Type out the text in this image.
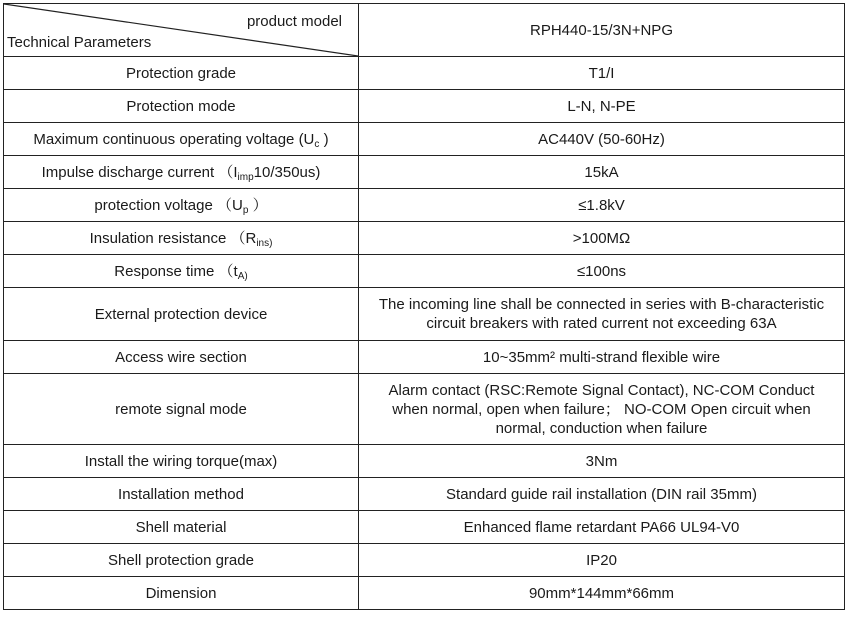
product model
Technical Parameters	RPH440-15/3N+NPG
Protection grade	T1/I
Protection mode	L-N, N-PE
Maximum continuous operating voltage ($U_c$ )	AC440V (50-60Hz)
Impulse discharge current $(I_{imp}10/350us)$	15kA
protection voltage （$U_p$ ）	≤1.8kV
Insulation resistance （$R_{ins)}$	>100MΩ
Response time （$t_{A)}$	≤100ns
External protection device	The incoming line shall be connected in series with B-characteristic
circuit breakers with rated current not exceeding 63A
Access wire section	10~35mm² multi-strand flexible wire
remote signal mode	Alarm contact (RSC:Remote Signal Contact), NC-COM Conduct
when normal, open when failure； NO-COM Open circuit when
normal, conduction when failure
Install the wiring torque(max)	3Nm
Installation method	Standard guide rail installation (DIN rail 35mm)
Shell material	Enhanced flame retardant PA66 UL94-V0
Shell protection grade	IP20
Dimension	90mm*144mm*66mm
